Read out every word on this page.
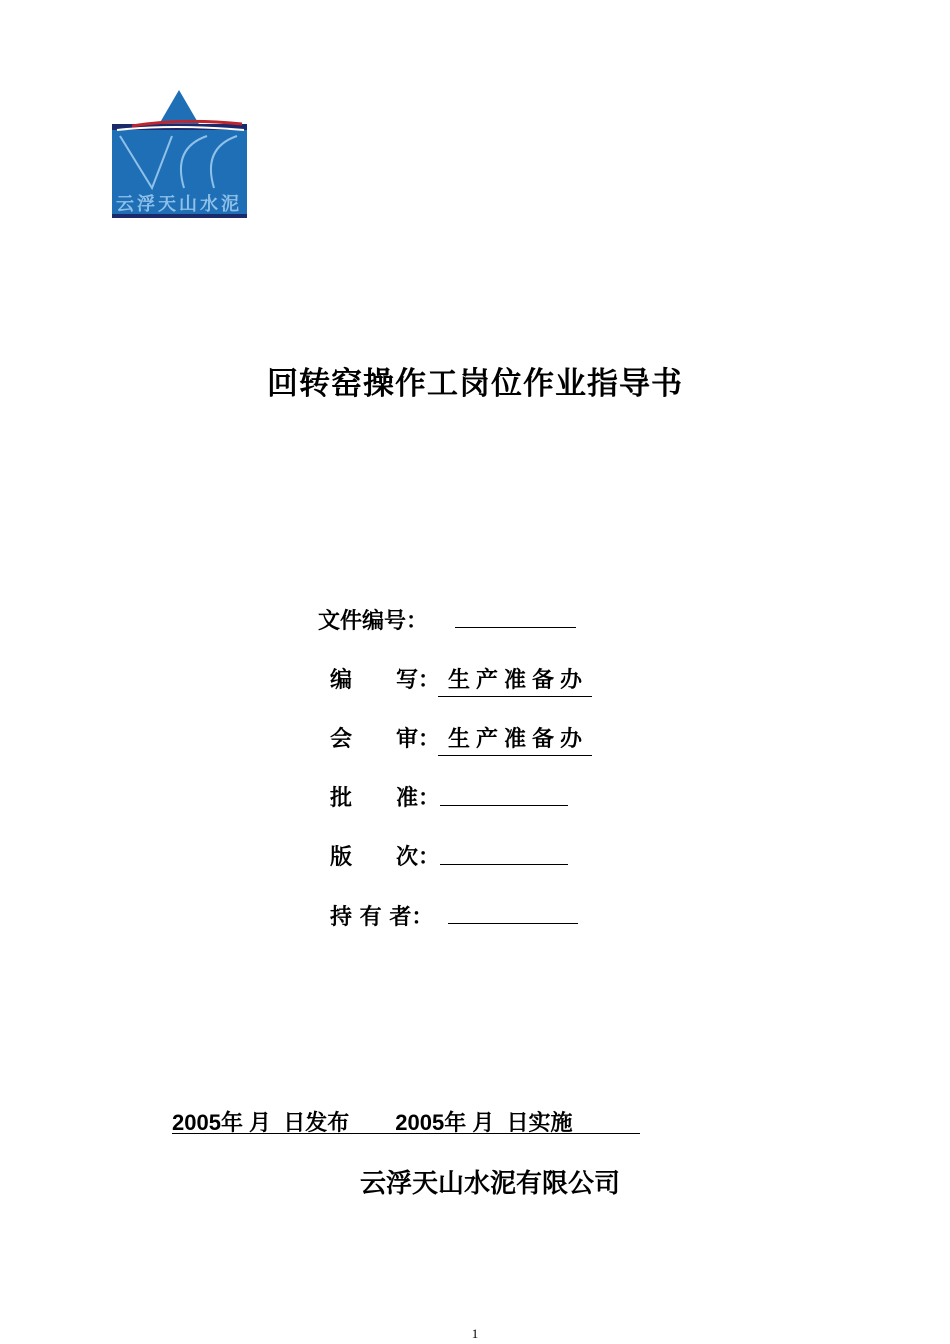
云浮天山水泥
回转窑操作工岗位作业指导书
文件编号：
编　　写： 生产准备办
会　　审： 生产准备办
批　　准：
版　　次：
持 有 者：
2005年 月  日发布 2005年 月  日实施
云浮天山水泥有限公司
1
